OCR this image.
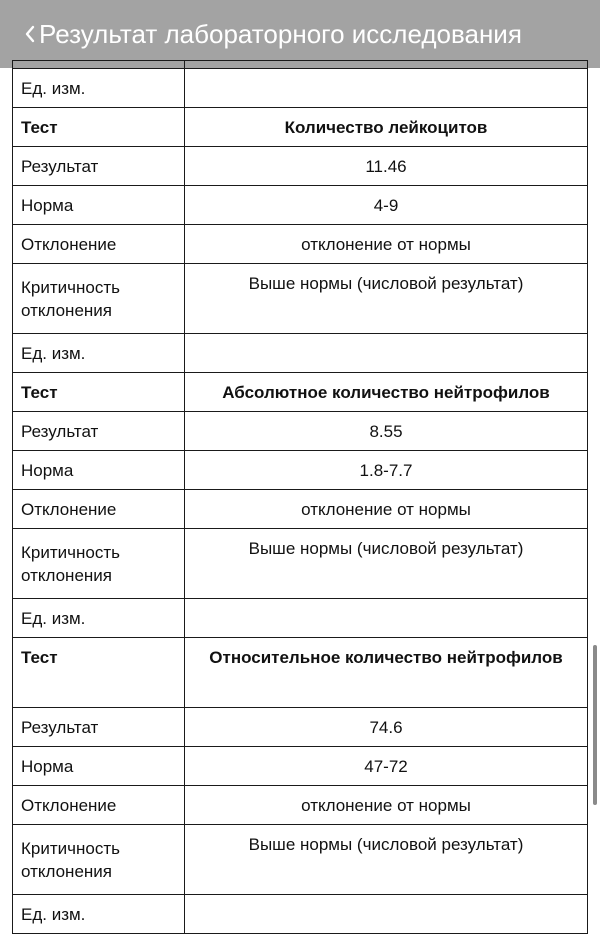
Результат лабораторного исследования

Ед. изм.	
Тест	Количество лейкоцитов
Результат	11.46
Норма	4-9
Отклонение	отклонение от нормы
Критичность отклонения	Выше нормы (числовой результат)
Ед. изм.	
Тест	Абсолютное количество нейтрофилов
Результат	8.55
Норма	1.8-7.7
Отклонение	отклонение от нормы
Критичность отклонения	Выше нормы (числовой результат)
Ед. изм.	
Тест	Относительное количество нейтрофилов
Результат	74.6
Норма	47-72
Отклонение	отклонение от нормы
Критичность отклонения	Выше нормы (числовой результат)
Ед. изм.	
